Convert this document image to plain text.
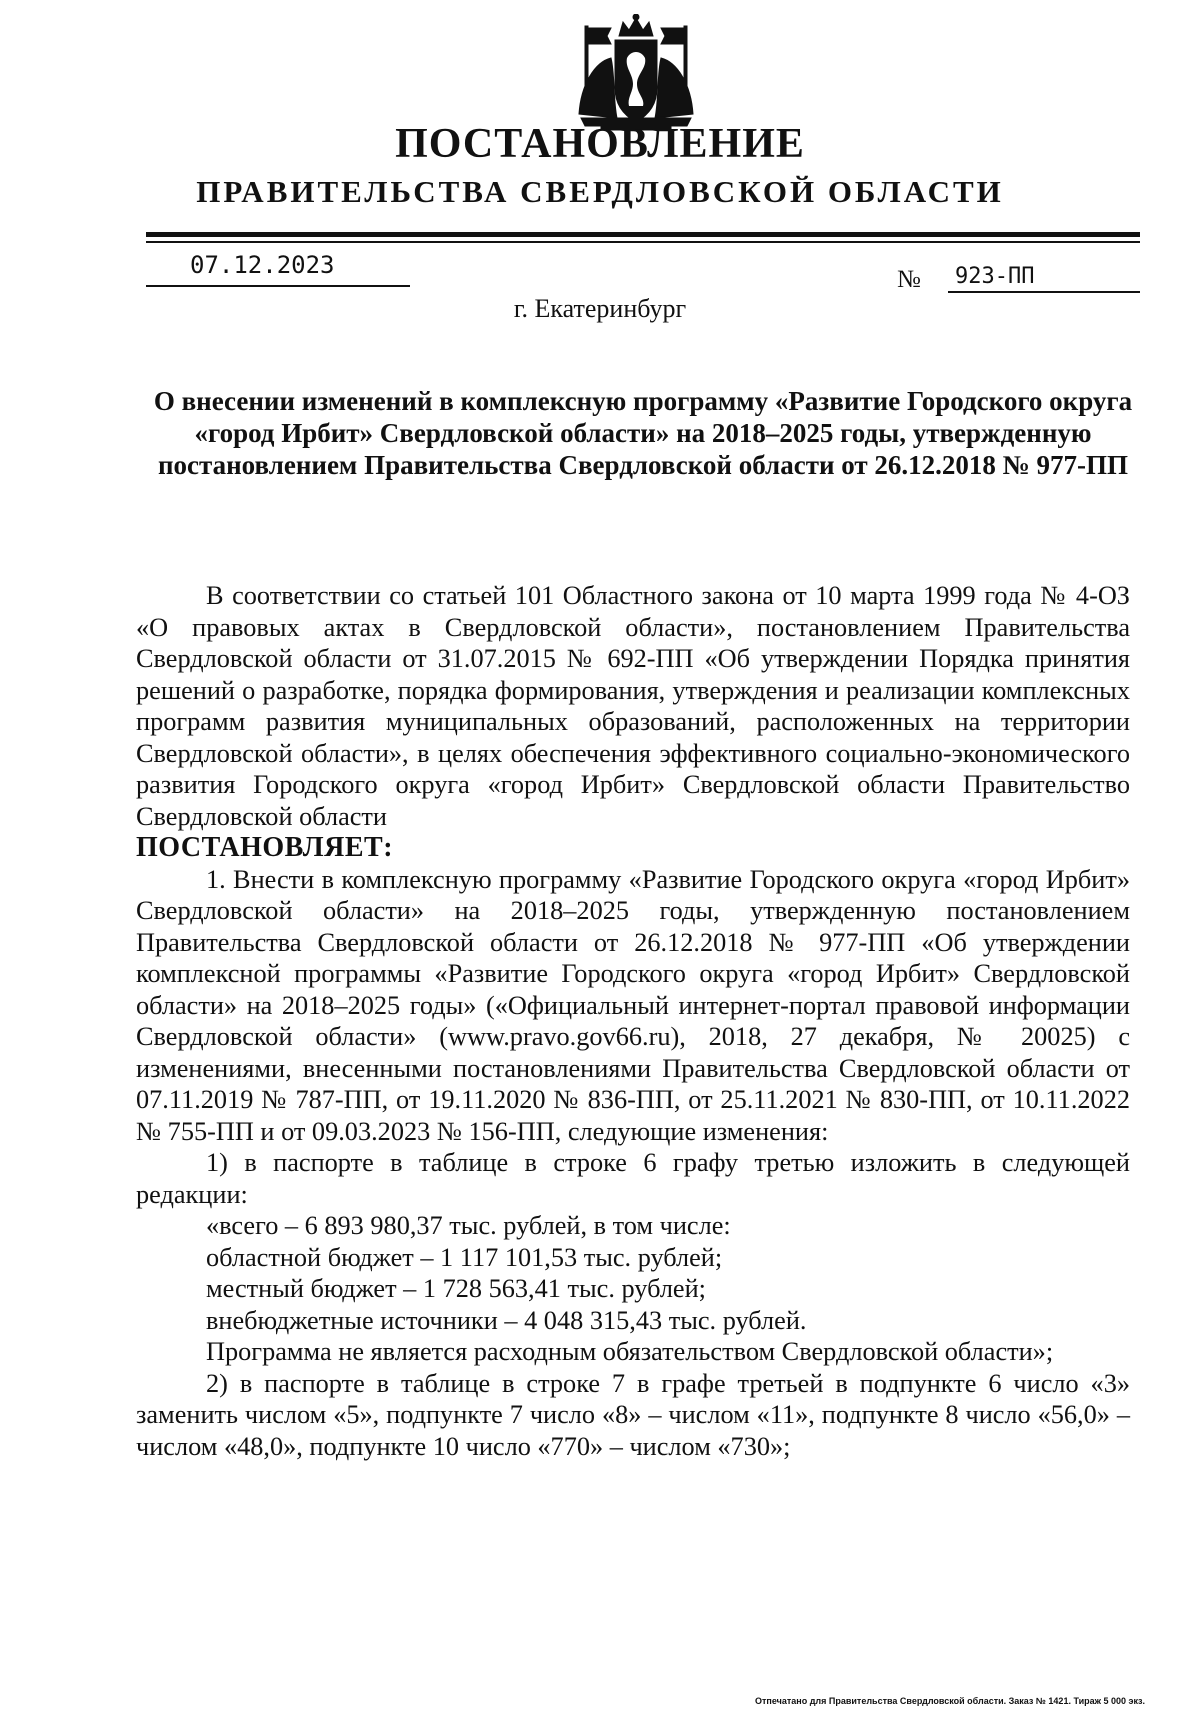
ПОСТАНОВЛЕНИЕ
ПРАВИТЕЛЬСТВА СВЕРДЛОВСКОЙ ОБЛАСТИ
07.12.2023
№ 923-ПП
г. Екатеринбург
О внесении изменений в комплексную программу «Развитие Городского округа «город Ирбит» Свердловской области» на 2018–2025 годы, утвержденную постановлением Правительства Свердловской области от 26.12.2018 № 977-ПП

В соответствии со статьей 101 Областного закона от 10 марта 1999 года № 4-ОЗ «О правовых актах в Свердловской области», постановлением Правительства Свердловской области от 31.07.2015 № 692-ПП «Об утверждении Порядка принятия решений о разработке, порядка формирования, утверждения и реализации комплексных программ развития муниципальных образований, расположенных на территории Свердловской области», в целях обеспечения эффективного социально-экономического развития Городского округа «город Ирбит» Свердловской области Правительство Свердловской области

ПОСТАНОВЛЯЕТ:

1. Внести в комплексную программу «Развитие Городского округа «город Ирбит» Свердловской области» на 2018–2025 годы, утвержденную постановлением Правительства Свердловской области от 26.12.2018 № 977-ПП «Об утверждении комплексной программы «Развитие Городского округа «город Ирбит» Свердловской области» на 2018–2025 годы» («Официальный интернет-портал правовой информации Свердловской области» (www.pravo.gov66.ru), 2018, 27 декабря, № 20025) с изменениями, внесенными постановлениями Правительства Свердловской области от 07.11.2019 № 787-ПП, от 19.11.2020 № 836-ПП, от 25.11.2021 № 830-ПП, от 10.11.2022 № 755-ПП и от 09.03.2023 № 156-ПП, следующие изменения:

1) в паспорте в таблице в строке 6 графу третью изложить в следующей редакции:

«всего – 6 893 980,37 тыс. рублей, в том числе:

областной бюджет – 1 117 101,53 тыс. рублей;

местный бюджет – 1 728 563,41 тыс. рублей;

внебюджетные источники – 4 048 315,43 тыс. рублей.

Программа не является расходным обязательством Свердловской области»;

2) в паспорте в таблице в строке 7 в графе третьей в подпункте 6 число «3» заменить числом «5», подпункте 7 число «8» – числом «11», подпункте 8 число «56,0» – числом «48,0», подпункте 10 число «770» – числом «730»;

Отпечатано для Правительства Свердловской области. Заказ № 1421. Тираж 5 000 экз.
